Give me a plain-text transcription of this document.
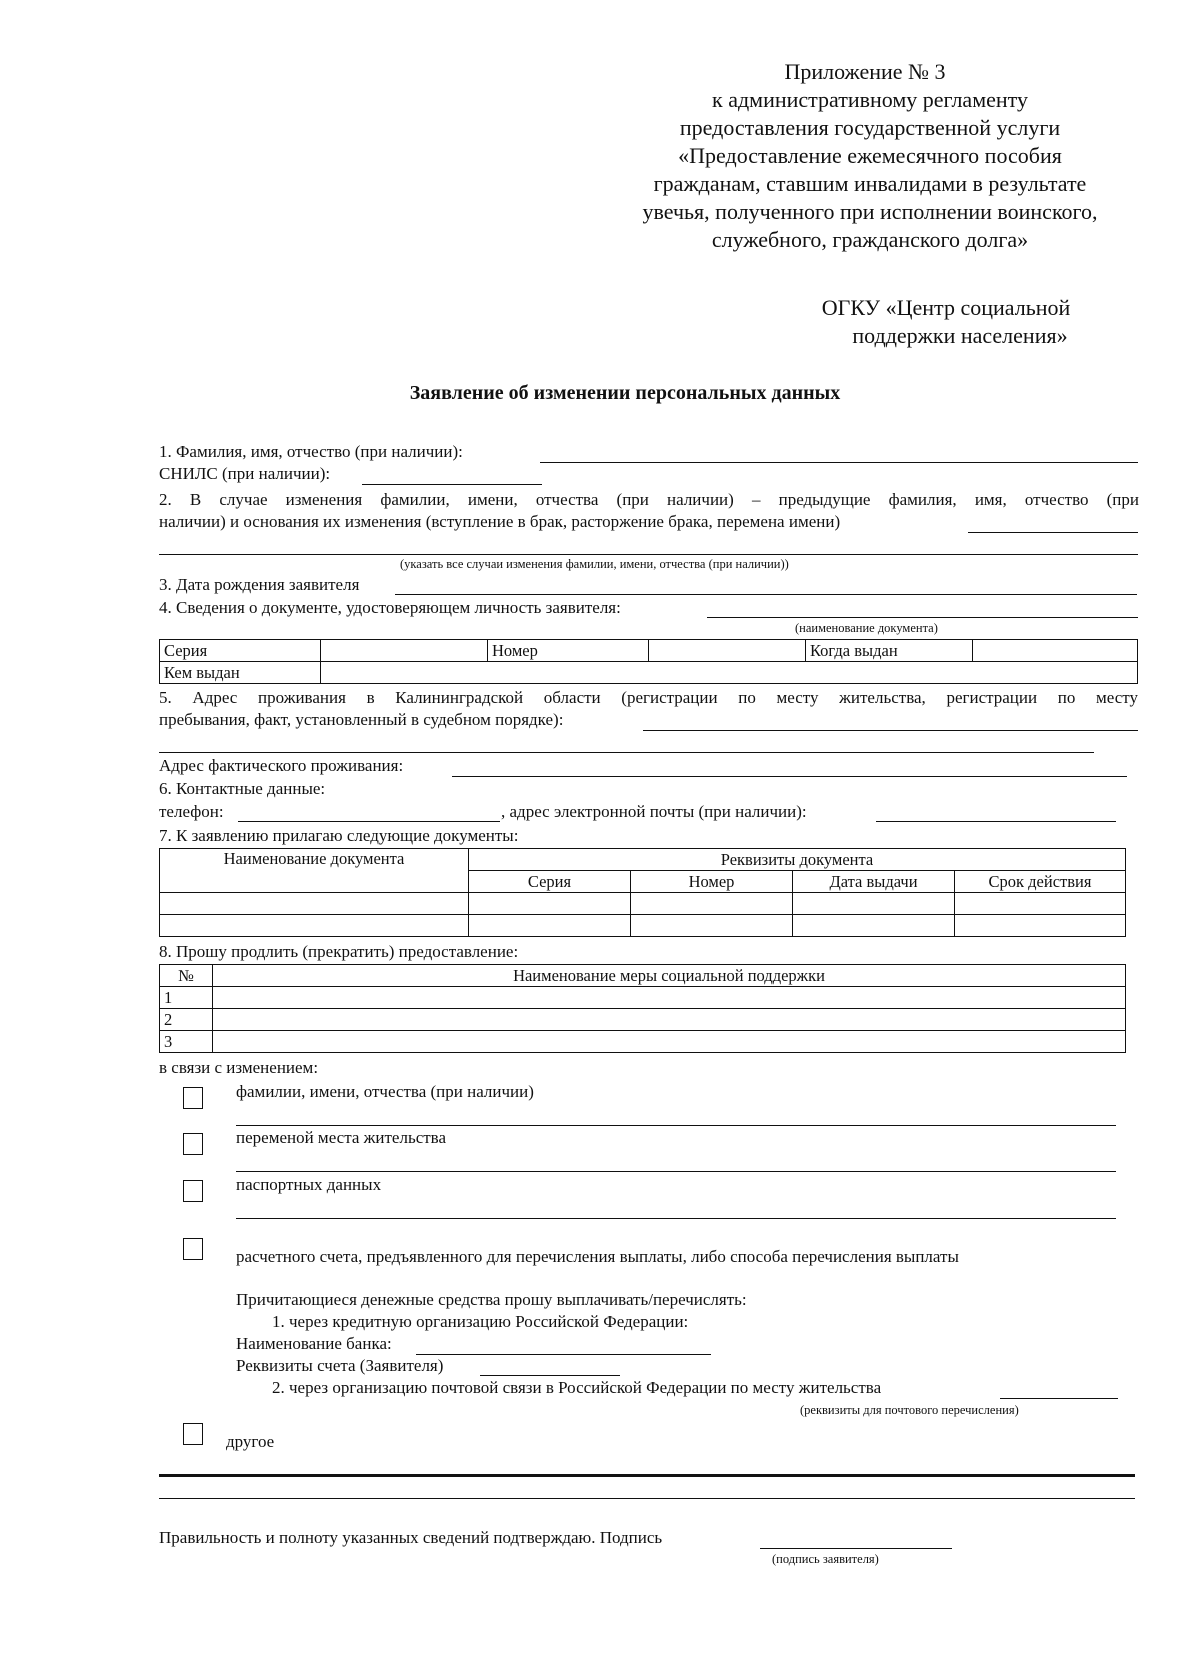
Приложение № 3
к административному регламенту
предоставления государственной услуги
«Предоставление ежемесячного пособия
гражданам, ставшим инвалидами в результате
увечья, полученного при исполнении воинского,
служебного, гражданского долга»
ОГКУ «Центр социальной
поддержки населения»
Заявление об изменении персональных данных
1. Фамилия, имя, отчество (при наличии):
СНИЛС (при наличии):
2. В случае изменения фамилии, имени, отчества (при наличии) – предыдущие фамилия, имя, отчество (при
наличии) и основания их изменения (вступление в брак, расторжение брака, перемена имени)
(указать все случаи изменения фамилии, имени, отчества (при наличии))
3. Дата рождения заявителя
4. Сведения о документе, удостоверяющем личность заявителя:
(наименование документа)
Серия		Номер		Когда выдан	
Кем выдан					
5. Адрес проживания в Калининградской области (регистрации по месту жительства, регистрации по месту
пребывания, факт, установленный в судебном порядке):
Адрес фактического проживания:
6. Контактные данные:
телефон:	, адрес электронной почты (при наличии):
7. К заявлению прилагаю следующие документы:
Наименование документа	Реквизиты документа			
	Серия	Номер	Дата выдачи	Срок действия

8. Прошу продлить (прекратить) предоставление:
№	Наименование меры социальной поддержки
1	
2	
3	
в связи с изменением:
фамилии, имени, отчества (при наличии)
переменой места жительства
паспортных данных
расчетного счета, предъявленного для перечисления выплаты, либо способа перечисления выплаты
Причитающиеся денежные средства прошу выплачивать/перечислять:
1. через кредитную организацию Российской Федерации:
Наименование банка:
Реквизиты счета (Заявителя)
2. через организацию почтовой связи в Российской Федерации по месту жительства
(реквизиты для почтового перечисления)
другое
Правильность и полноту указанных сведений подтверждаю. Подпись
(подпись заявителя)
